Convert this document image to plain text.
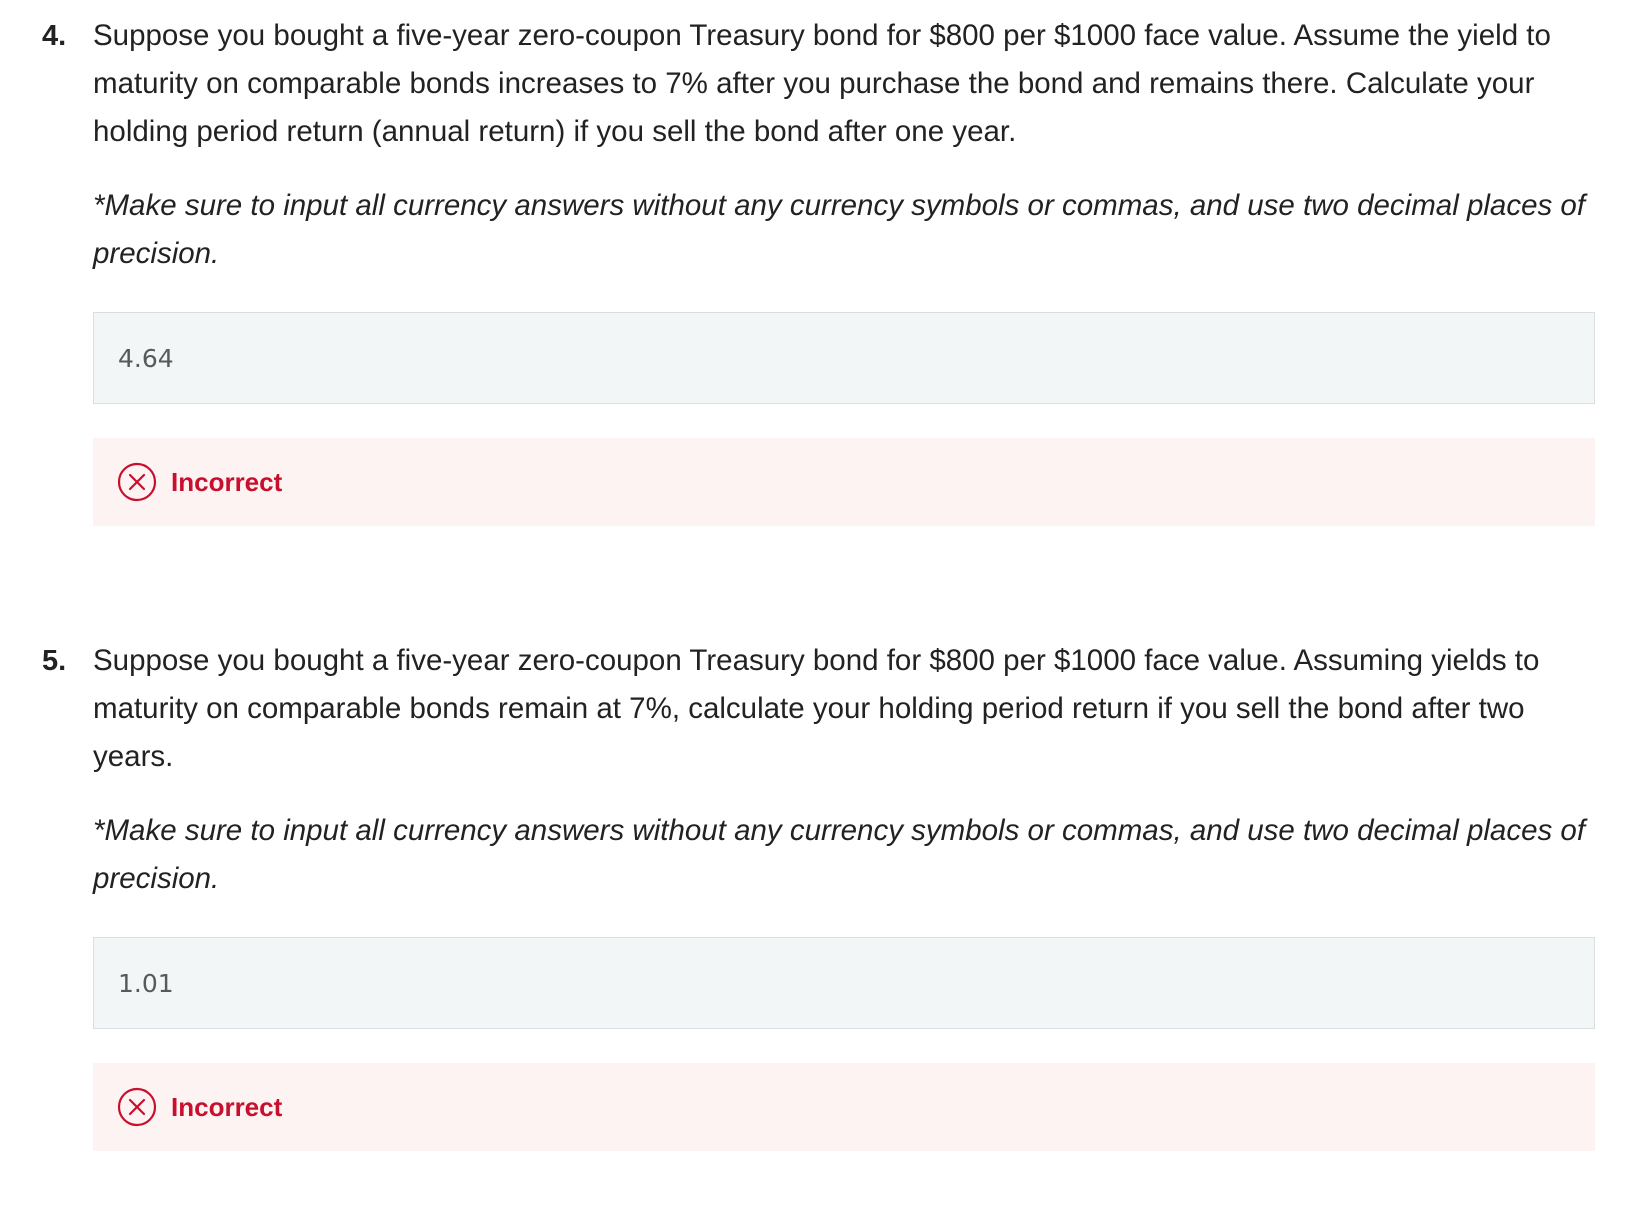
4. Suppose you bought a five-year zero-coupon Treasury bond for $800 per $1000 face value. Assume the yield to maturity on comparable bonds increases to 7% after you purchase the bond and remains there. Calculate your holding period return (annual return) if you sell the bond after one year.

*Make sure to input all currency answers without any currency symbols or commas, and use two decimal places of precision.

4.64
Incorrect
5. Suppose you bought a five-year zero-coupon Treasury bond for $800 per $1000 face value. Assuming yields to maturity on comparable bonds remain at 7%, calculate your holding period return if you sell the bond after two years.

*Make sure to input all currency answers without any currency symbols or commas, and use two decimal places of precision.

1.01
Incorrect
